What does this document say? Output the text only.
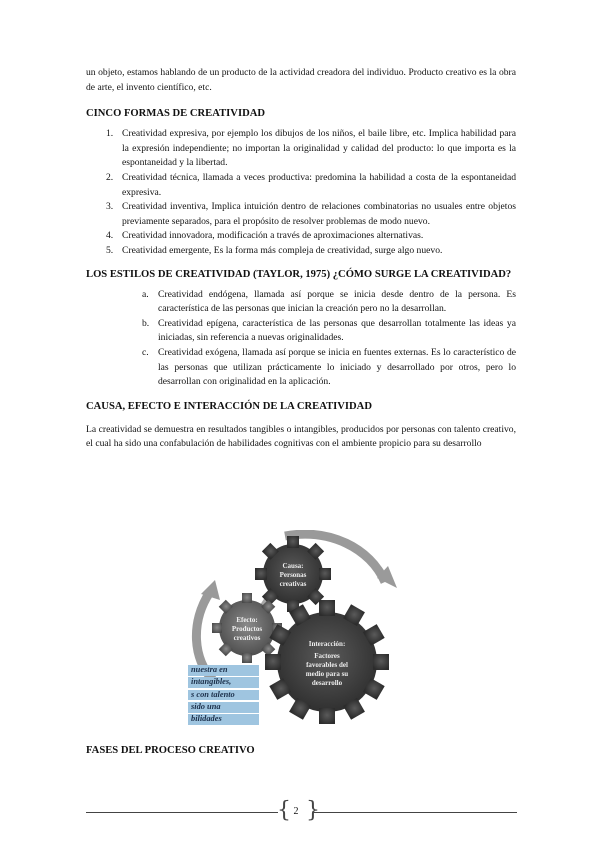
un objeto, estamos hablando de un producto de la actividad creadora del individuo. Producto creativo es la obra de arte, el invento científico, etc.

CINCO FORMAS DE CREATIVIDAD
1. Creatividad expresiva, por ejemplo los dibujos de los niños, el baile libre, etc. Implica habilidad para la expresión independiente; no importan la originalidad y calidad del producto: lo que importa es la espontaneidad y la libertad.
2. Creatividad técnica, llamada a veces productiva: predomina la habilidad a costa de la espontaneidad expresiva.
3. Creatividad inventiva, Implica intuición dentro de relaciones combinatorias no usuales entre objetos previamente separados, para el propósito de resolver problemas de modo nuevo.
4. Creatividad innovadora, modificación a través de aproximaciones alternativas.
5. Creatividad emergente, Es la forma más compleja de creatividad, surge algo nuevo.
LOS ESTILOS DE CREATIVIDAD (TAYLOR, 1975) ¿CÓMO SURGE LA CREATIVIDAD?
a. Creatividad endógena, llamada así porque se inicia desde dentro de la persona. Es característica de las personas que inician la creación pero no la desarrollan.
b. Creatividad epígena, característica de las personas que desarrollan totalmente las ideas ya iniciadas, sin referencia a nuevas originalidades.
c. Creatividad exógena, llamada así porque se inicia en fuentes externas. Es lo característico de las personas que utilizan prácticamente lo iniciado y desarrollado por otros, pero lo desarrollan con originalidad en la aplicación.
CAUSA, EFECTO E INTERACCIÓN DE LA CREATIVIDAD

La creatividad se demuestra en resultados tangibles o intangibles, producidos por personas con talento creativo, el cual ha sido una confabulación de habilidades cognitivas con el ambiente propicio para su desarrollo

Causa:
Personas
creativas
Efecto:
Productos
creativos
Interacción:
Factores
favorables del
medio para su
desarrollo
nuestra en
intangibles,
s con talento
sido una
bilidades
FASES DEL PROCESO CREATIVO
{ }
2
